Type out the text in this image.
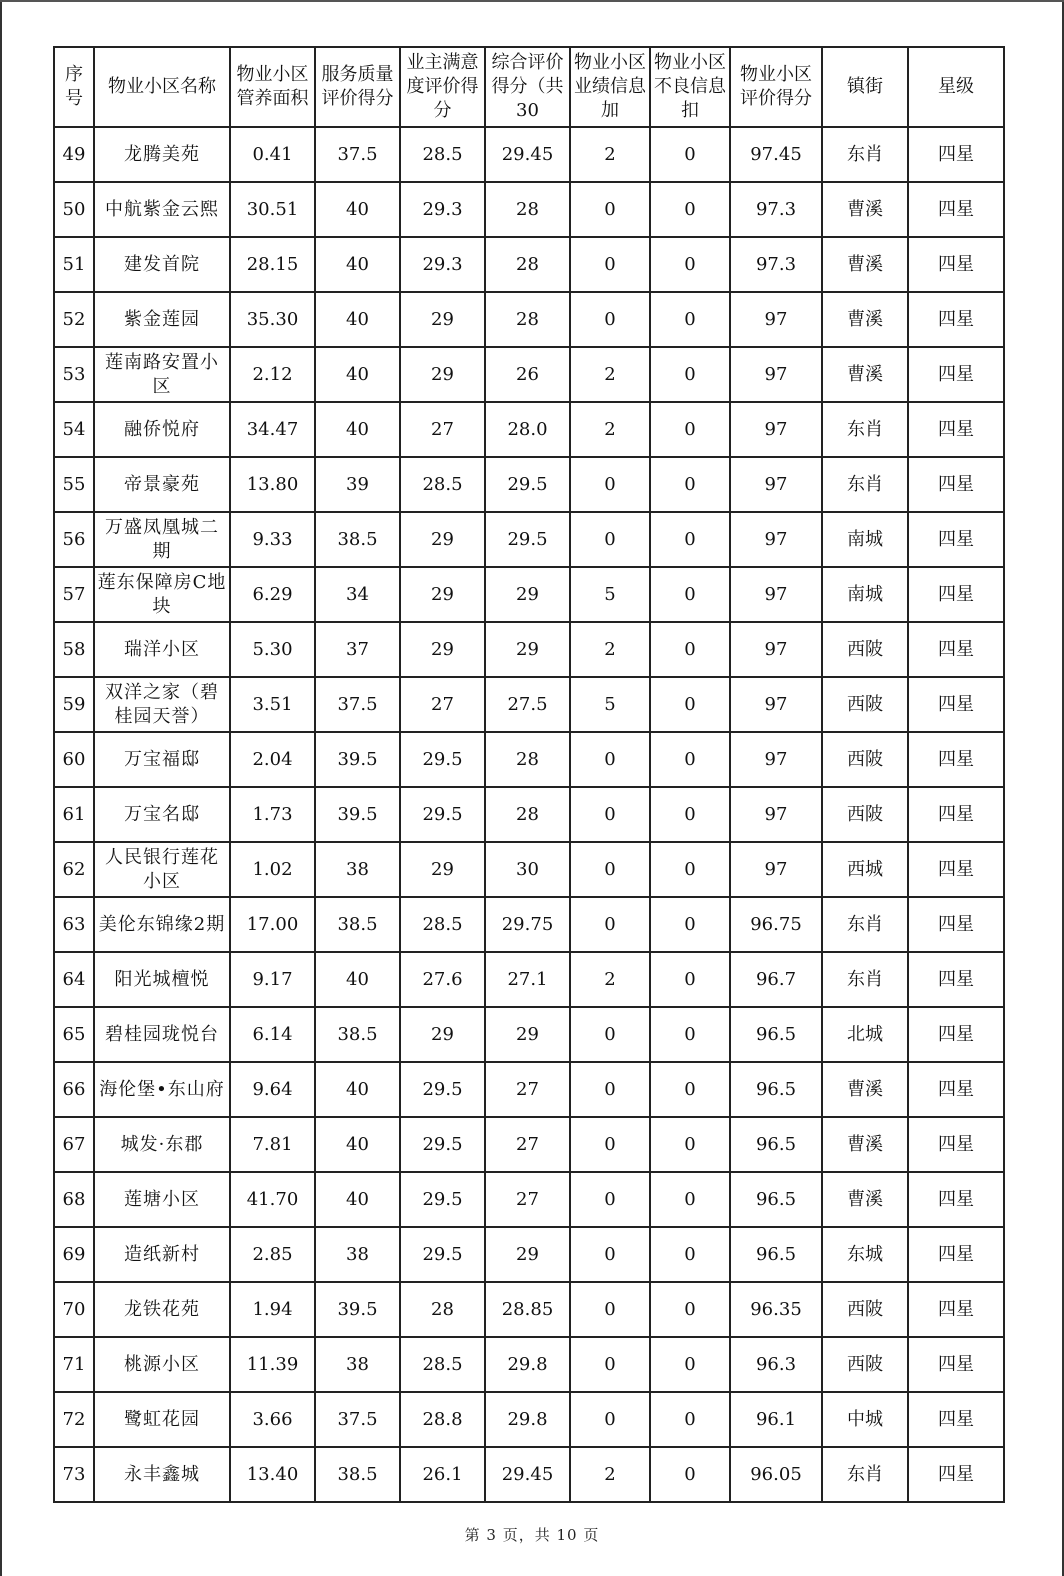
序号	物业小区名称	物业小区管养面积	服务质量评价得分	业主满意度评价得分	综合评价得分（共30	物业小区业绩信息加	物业小区不良信息扣	物业小区评价得分	镇街	星级
49	龙腾美苑	0.41	37.5	28.5	29.45	2	0	97.45	东肖	四星
50	中航紫金云熙	30.51	40	29.3	28	0	0	97.3	曹溪	四星
51	建发首院	28.15	40	29.3	28	0	0	97.3	曹溪	四星
52	紫金莲园	35.30	40	29	28	0	0	97	曹溪	四星
53	莲南路安置小区	2.12	40	29	26	2	0	97	曹溪	四星
54	融侨悦府	34.47	40	27	28.0	2	0	97	东肖	四星
55	帝景豪苑	13.80	39	28.5	29.5	0	0	97	东肖	四星
56	万盛凤凰城二期	9.33	38.5	29	29.5	0	0	97	南城	四星
57	莲东保障房C地块	6.29	34	29	29	5	0	97	南城	四星
58	瑞洋小区	5.30	37	29	29	2	0	97	西陂	四星
59	双洋之家（碧桂园天誉）	3.51	37.5	27	27.5	5	0	97	西陂	四星
60	万宝福邸	2.04	39.5	29.5	28	0	0	97	西陂	四星
61	万宝名邸	1.73	39.5	29.5	28	0	0	97	西陂	四星
62	人民银行莲花小区	1.02	38	29	30	0	0	97	西城	四星
63	美伦东锦缘2期	17.00	38.5	28.5	29.75	0	0	96.75	东肖	四星
64	阳光城檀悦	9.17	40	27.6	27.1	2	0	96.7	东肖	四星
65	碧桂园珑悦台	6.14	38.5	29	29	0	0	96.5	北城	四星
66	海伦堡•东山府	9.64	40	29.5	27	0	0	96.5	曹溪	四星
67	城发·东郡	7.81	40	29.5	27	0	0	96.5	曹溪	四星
68	莲塘小区	41.70	40	29.5	27	0	0	96.5	曹溪	四星
69	造纸新村	2.85	38	29.5	29	0	0	96.5	东城	四星
70	龙铁花苑	1.94	39.5	28	28.85	0	0	96.35	西陂	四星
71	桃源小区	11.39	38	28.5	29.8	0	0	96.3	西陂	四星
72	鹭虹花园	3.66	37.5	28.8	29.8	0	0	96.1	中城	四星
73	永丰鑫城	13.40	38.5	26.1	29.45	2	0	96.05	东肖	四星
第 3 页，共 10 页
